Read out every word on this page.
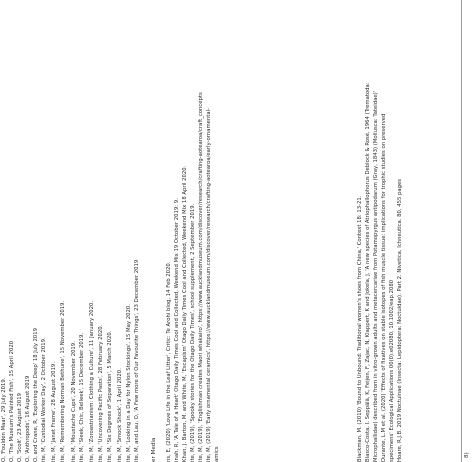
O, 'Foulden Maar', 29 July 2019. O, 'The Museum's Painted Fish', 15 April 2020 O, 'Scoit', 23 August 2019 O, 'Anthropods', 16 August 2019 O, and Crane, R, 'Exploring the Deep' 18 July 2019 ite, M, 'Custodial Worker Day', 2 October 2019. ite, M, 'Janet Frame', 28 August 2019. ite, M, 'Remembering Norman Bethune', 15 November 2019. ite, M, 'Moustache Cups', 20 November 2019. ite, M, 'Sleek, Chic, Belleek', 15 December 2019. ite, M, 'Zoroastrianism: Clothing a Culture', 11 January 2020. ite, M, 'Uncovering Pacific Pasts', 28 February 2020. ite, M, 'Six Degrees of Separation', 5 March 2020. ite, M, 'Smock Shock', 1 April 2020. ite, M, 'Looking in a Day for Nylon Stockings', 15 May 2020. ite, M, and Lau, O, 'A Few more of Our Favourite Things', 23 December 2019 er Media ns, E, (2020) 'Love Life in the Leaf Litter', Critic: Te Arohi blog, 14 Feb 2020. inah, R, 'A Tale of a Heart' Otago Daily Times Cool and Collected, Weekend Mix 19 October 2019: 9. Khan, J. Barton, M. and White, M, 'Escapism' Otago Daily Times Cool and Collected, Weekend Mix 18 April 2020. ite, M, (2019), 'Spooky stories for the Otago Daily Times', school supplement, 2 September 2019. ite, M, (2019), 'Englishman creates Maori whakairo', https://www.aucklandmuseum.com/discover/research/crafting-aotearoa/craft_concepts ite, M, (2019) 'Early ornamental ceramics', https://www.aucklandmuseum.com/discover/research/crafting-aotearoa/early-ornamental- amics	Blackman, M. (2010) 'Bound to Unbound: Traditional women's shoes from China,' Context 18: 13-21. Blasco-Costa, I, Seppälä, K, Feijen, F, Zajac, N, Klappert, K and Jokela, J, 'A new species of Atriophallophorus Deblock & Rosé, 1964 (Trematoda: Microphallidae) described from in vitro-grown adults and metacercariae from Potamopyrgus antipodarum (Gray, 1843) (Mollusca: Tateidae)' Durante, L.M et al. (2020) 'Effects of fixatives on stable isotopes of fish muscle tissue: implications for trophic studies on preserved specimens' Ecological Applications 00(0):e02080, 10.1002/eap.2080 Hoare, R.J.B. 2019 Noctuinae (Insecta: Lepidoptera: Noctuidae). Part 2. Nivetica, Ichneutica. 80, 455 pages	8)
